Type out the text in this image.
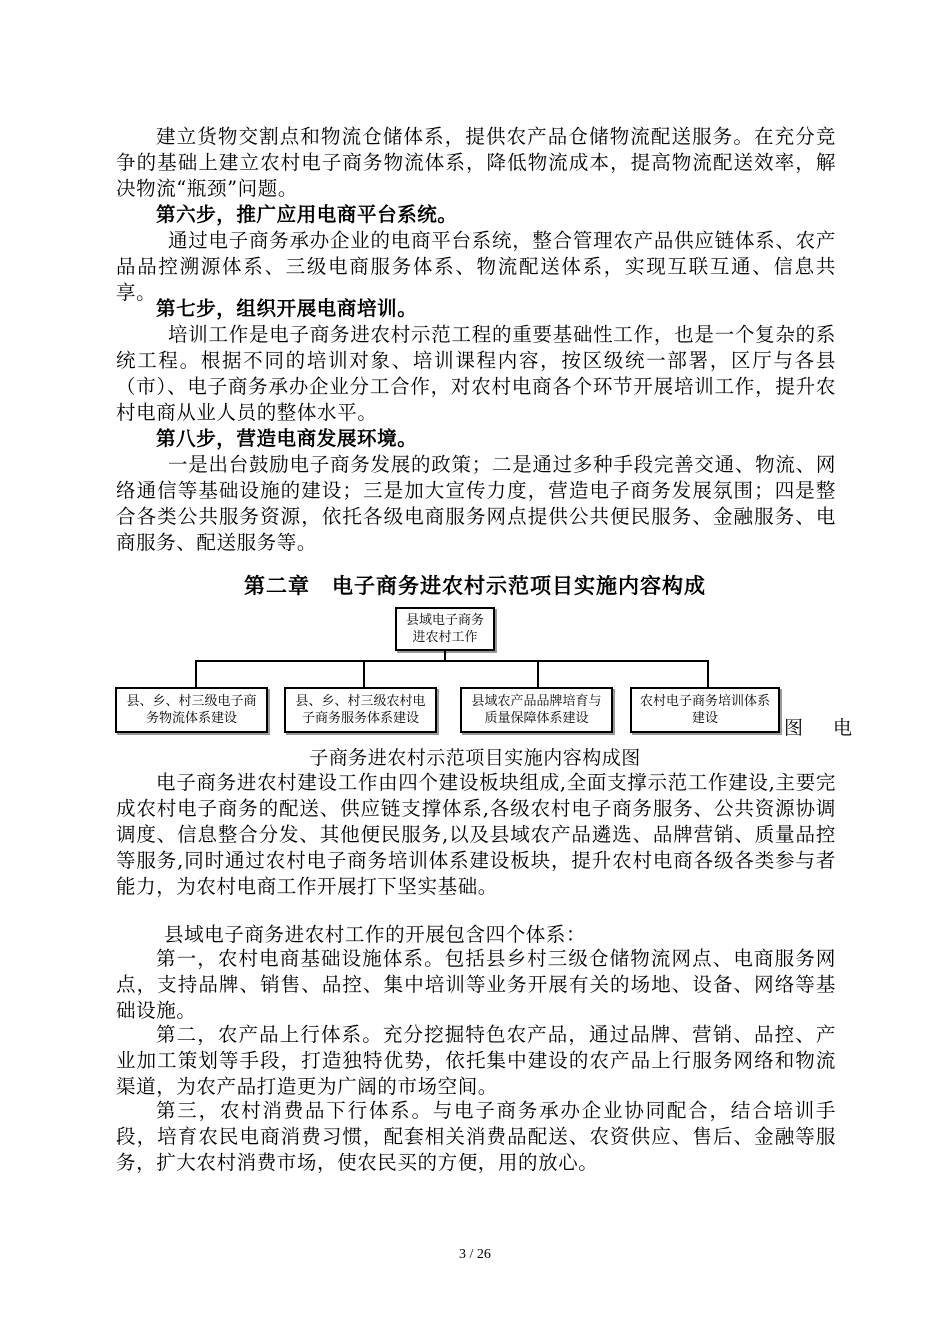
建立货物交割点和物流仓储体系，提供农产品仓储物流配送服务。在充分竞争的基础上建立农村电子商务物流体系，降低物流成本，提高物流配送效率，解决物流“瓶颈”问题。
第六步，推广应用电商平台系统。
通过电子商务承办企业的电商平台系统，整合管理农产品供应链体系、农产品品控溯源体系、三级电商服务体系、物流配送体系，实现互联互通、信息共享。
第七步，组织开展电商培训。
培训工作是电子商务进农村示范工程的重要基础性工作，也是一个复杂的系统工程。根据不同的培训对象、培训课程内容，按区级统一部署，区厅与各县（市）、电子商务承办企业分工合作，对农村电商各个环节开展培训工作，提升农村电商从业人员的整体水平。
第八步，营造电商发展环境。
一是出台鼓励电子商务发展的政策；二是通过多种手段完善交通、物流、网络通信等基础设施的建设；三是加大宣传力度，营造电子商务发展氛围；四是整合各类公共服务资源，依托各级电商服务网点提供公共便民服务、金融服务、电商服务、配送服务等。
第二章　电子商务进农村示范项目实施内容构成
县域电子商务进农村工作
县、乡、村三级电子商务物流体系建设
县、乡、村三级农村电子商务服务体系建设
县域农产品品牌培育与质量保障体系建设
农村电子商务培训体系建设	图 电
子商务进农村示范项目实施内容构成图
电子商务进农村建设工作由四个建设板块组成,全面支撑示范工作建设,主要完成农村电子商务的配送、供应链支撑体系,各级农村电子商务服务、公共资源协调调度、信息整合分发、其他便民服务,以及县域农产品遴选、品牌营销、质量品控等服务,同时通过农村电子商务培训体系建设板块，提升农村电商各级各类参与者能力，为农村电商工作开展打下坚实基础。
县域电子商务进农村工作的开展包含四个体系：
第一，农村电商基础设施体系。包括县乡村三级仓储物流网点、电商服务网点，支持品牌、销售、品控、集中培训等业务开展有关的场地、设备、网络等基础设施。
第二，农产品上行体系。充分挖掘特色农产品，通过品牌、营销、品控、产业加工策划等手段，打造独特优势，依托集中建设的农产品上行服务网络和物流渠道，为农产品打造更为广阔的市场空间。
第三，农村消费品下行体系。与电子商务承办企业协同配合，结合培训手段，培育农民电商消费习惯，配套相关消费品配送、农资供应、售后、金融等服务，扩大农村消费市场，使农民买的方便，用的放心。
3 / 26
